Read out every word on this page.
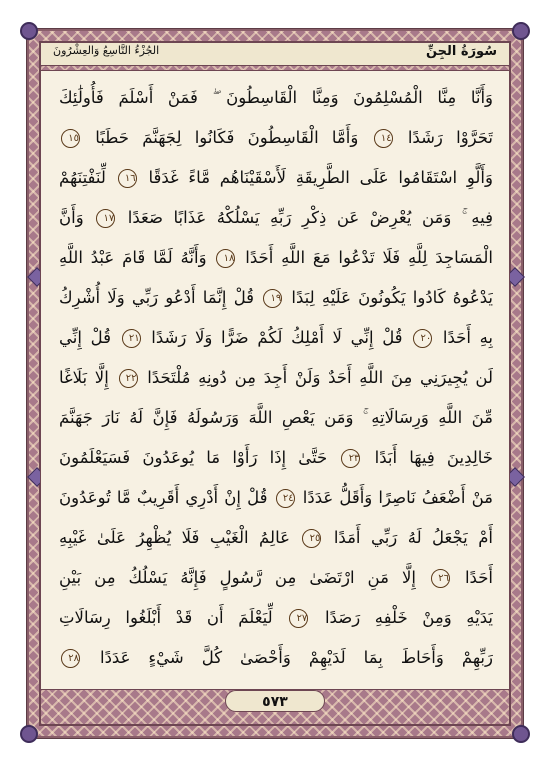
الجُزْءُ التَّاسِعُ وَالعِشْرُونَ	سُورَةُ الجِنِّ
وَأَنَّا مِنَّا الْمُسْلِمُونَ وَمِنَّا الْقَاسِطُونَ ۖ فَمَنْ أَسْلَمَ فَأُولَٰئِكَ
تَحَرَّوْا رَشَدًا ١٤ وَأَمَّا الْقَاسِطُونَ فَكَانُوا لِجَهَنَّمَ حَطَبًا ١٥
وَأَلَّوِ اسْتَقَامُوا عَلَى الطَّرِيقَةِ لَأَسْقَيْنَاهُم مَّاءً غَدَقًا ١٦ لِّنَفْتِنَهُمْ
فِيهِ ۚ وَمَن يُعْرِضْ عَن ذِكْرِ رَبِّهِ يَسْلُكْهُ عَذَابًا صَعَدًا ١٧ وَأَنَّ
الْمَسَاجِدَ لِلَّهِ فَلَا تَدْعُوا مَعَ اللَّهِ أَحَدًا ١٨ وَأَنَّهُ لَمَّا قَامَ عَبْدُ اللَّهِ
يَدْعُوهُ كَادُوا يَكُونُونَ عَلَيْهِ لِبَدًا ١٩ قُلْ إِنَّمَا أَدْعُو رَبِّي وَلَا أُشْرِكُ
بِهِ أَحَدًا ٢٠ قُلْ إِنِّي لَا أَمْلِكُ لَكُمْ ضَرًّا وَلَا رَشَدًا ٢١ قُلْ إِنِّي
لَن يُجِيرَنِي مِنَ اللَّهِ أَحَدٌ وَلَنْ أَجِدَ مِن دُونِهِ مُلْتَحَدًا ٢٢ إِلَّا بَلَاغًا
مِّنَ اللَّهِ وَرِسَالَاتِهِ ۚ وَمَن يَعْصِ اللَّهَ وَرَسُولَهُ فَإِنَّ لَهُ نَارَ جَهَنَّمَ
خَالِدِينَ فِيهَا أَبَدًا ٢٣ حَتَّىٰ إِذَا رَأَوْا مَا يُوعَدُونَ فَسَيَعْلَمُونَ
مَنْ أَضْعَفُ نَاصِرًا وَأَقَلُّ عَدَدًا ٢٤ قُلْ إِنْ أَدْرِي أَقَرِيبٌ مَّا تُوعَدُونَ
أَمْ يَجْعَلُ لَهُ رَبِّي أَمَدًا ٢٥ عَالِمُ الْغَيْبِ فَلَا يُظْهِرُ عَلَىٰ غَيْبِهِ
أَحَدًا ٢٦ إِلَّا مَنِ ارْتَضَىٰ مِن رَّسُولٍ فَإِنَّهُ يَسْلُكُ مِن بَيْنِ
يَدَيْهِ وَمِنْ خَلْفِهِ رَصَدًا ٢٧ لِّيَعْلَمَ أَن قَدْ أَبْلَغُوا رِسَالَاتِ
رَبِّهِمْ وَأَحَاطَ بِمَا لَدَيْهِمْ وَأَحْصَىٰ كُلَّ شَيْءٍ عَدَدًا ٢٨
٥٧٣
